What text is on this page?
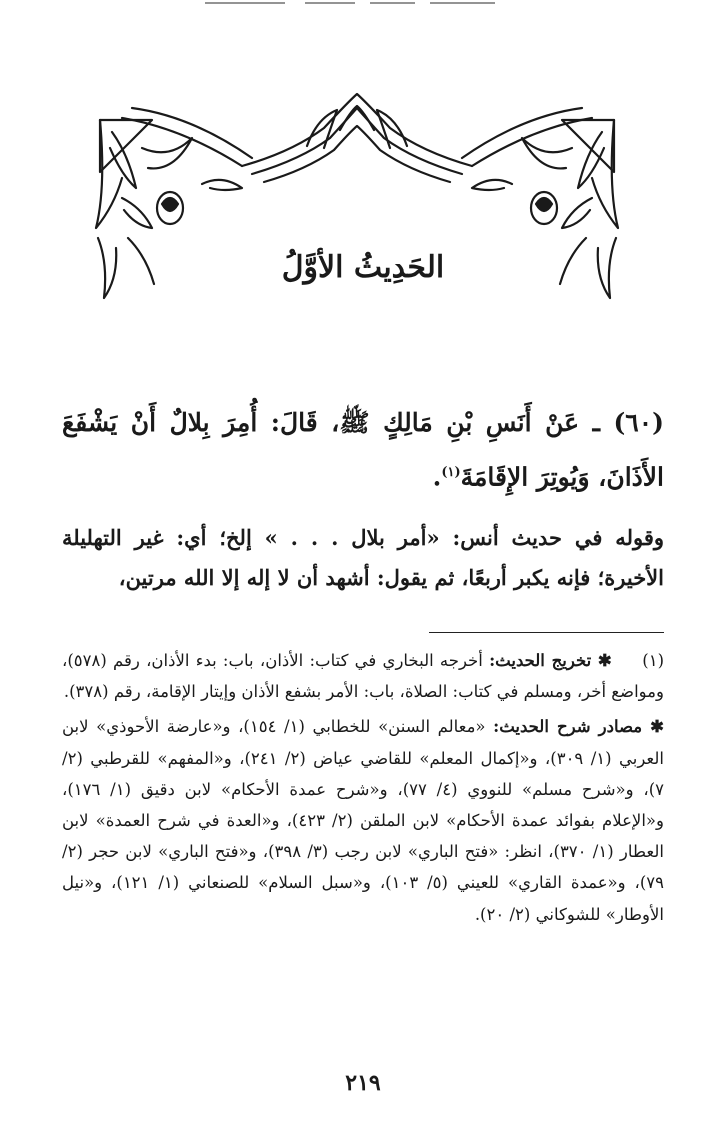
الحَدِيثُ الأوَّلُ

(٦٠) ـ عَنْ أَنَسِ بْنِ مَالِكٍ ﷺ، قَالَ: أُمِرَ بِلالٌ أَنْ يَشْفَعَ الأَذَانَ، وَيُوتِرَ الإِقَامَةَ$^{(١)}$.

وقوله في حديث أنس: «أمر بلال . . . » إلخ؛ أي: غير التهليلة الأخيرة؛ فإنه يكبر أربعًا، ثم يقول: أشهد أن لا إله إلا الله مرتين،

(١) ✱ تخريج الحديث: أخرجه البخاري في كتاب: الأذان، باب: بدء الأذان، رقم (٥٧٨)، ومواضع أخر، ومسلم في كتاب: الصلاة، باب: الأمر بشفع الأذان وإيتار الإقامة، رقم (٣٧٨).

✱ مصادر شرح الحديث: «معالم السنن» للخطابي (١/ ١٥٤)، و«عارضة الأحوذي» لابن العربي (١/ ٣٠٩)، و«إكمال المعلم» للقاضي عياض (٢/ ٢٤١)، و«المفهم» للقرطبي (٢/ ٧)، و«شرح مسلم» للنووي (٤/ ٧٧)، و«شرح عمدة الأحكام» لابن دقيق (١/ ١٧٦)، و«الإعلام بفوائد عمدة الأحكام» لابن الملقن (٢/ ٤٢٣)، و«العدة في شرح العمدة» لابن العطار (١/ ٣٧٠)، انظر: «فتح الباري» لابن رجب (٣/ ٣٩٨)، و«فتح الباري» لابن حجر (٢/ ٧٩)، و«عمدة القاري» للعيني (٥/ ١٠٣)، و«سبل السلام» للصنعاني (١/ ١٢١)، و«نيل الأوطار» للشوكاني (٢/ ٢٠).

٢١٩
